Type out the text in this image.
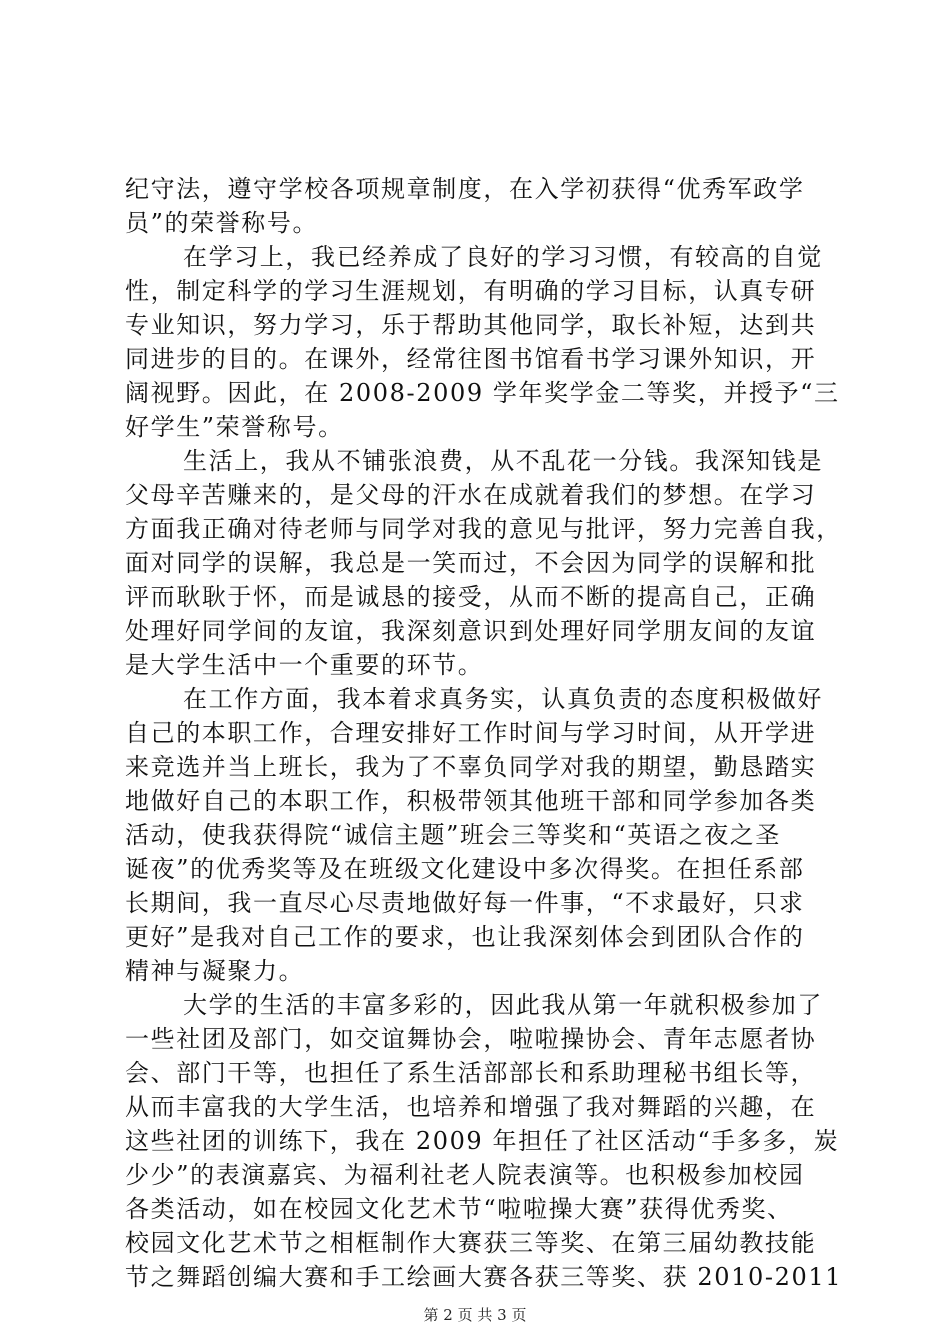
纪守法，遵守学校各项规章制度，在入学初获得“优秀军政学
员”的荣誉称号。
在学习上，我已经养成了良好的学习习惯，有较高的自觉
性，制定科学的学习生涯规划，有明确的学习目标，认真专研
专业知识，努力学习，乐于帮助其他同学，取长补短，达到共
同进步的目的。在课外，经常往图书馆看书学习课外知识，开
阔视野。因此，在 2008-2009 学年奖学金二等奖，并授予“三
好学生”荣誉称号。
生活上，我从不铺张浪费，从不乱花一分钱。我深知钱是
父母辛苦赚来的，是父母的汗水在成就着我们的梦想。在学习
方面我正确对待老师与同学对我的意见与批评，努力完善自我，
面对同学的误解，我总是一笑而过，不会因为同学的误解和批
评而耿耿于怀，而是诚恳的接受，从而不断的提高自己，正确
处理好同学间的友谊，我深刻意识到处理好同学朋友间的友谊
是大学生活中一个重要的环节。
在工作方面，我本着求真务实，认真负责的态度积极做好
自己的本职工作，合理安排好工作时间与学习时间，从开学进
来竞选并当上班长，我为了不辜负同学对我的期望，勤恳踏实
地做好自己的本职工作，积极带领其他班干部和同学参加各类
活动，使我获得院“诚信主题”班会三等奖和“英语之夜之圣
诞夜”的优秀奖等及在班级文化建设中多次得奖。在担任系部
长期间，我一直尽心尽责地做好每一件事，“不求最好，只求
更好”是我对自己工作的要求，也让我深刻体会到团队合作的
精神与凝聚力。
大学的生活的丰富多彩的，因此我从第一年就积极参加了
一些社团及部门，如交谊舞协会，啦啦操协会、青年志愿者协
会、部门干等，也担任了系生活部部长和系助理秘书组长等，
从而丰富我的大学生活，也培养和增强了我对舞蹈的兴趣，在
这些社团的训练下，我在 2009 年担任了社区活动“手多多，炭
少少”的表演嘉宾、为福利社老人院表演等。也积极参加校园
各类活动，如在校园文化艺术节“啦啦操大赛”获得优秀奖、
校园文化艺术节之相框制作大赛获三等奖、在第三届幼教技能
节之舞蹈创编大赛和手工绘画大赛各获三等奖、获 2010-2011
第 2 页 共 3 页
